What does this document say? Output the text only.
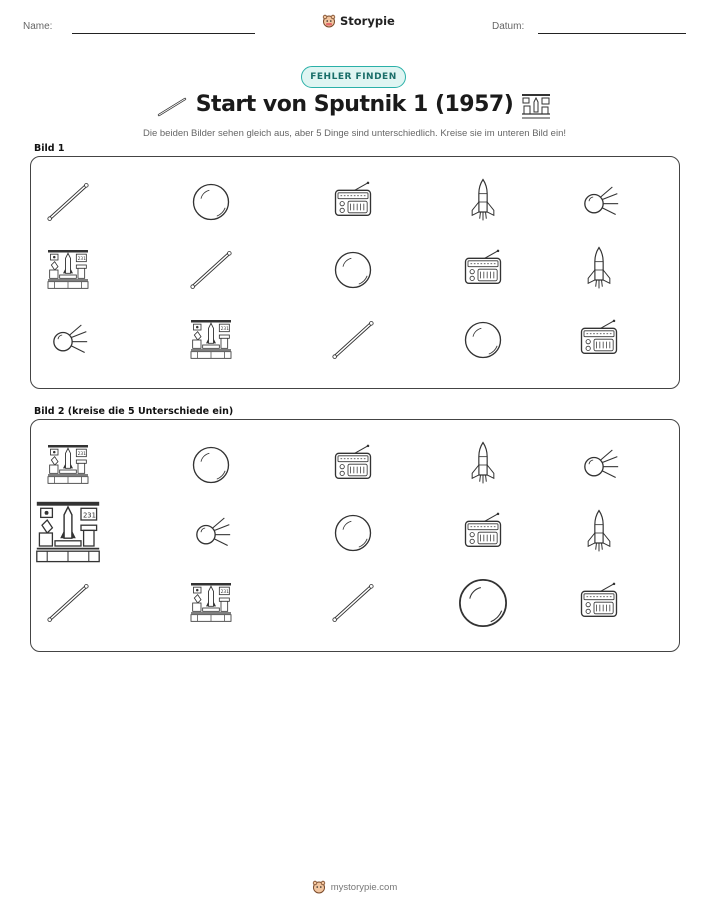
Name:	Storypie	Datum:
FEHLER FINDEN
Start von Sputnik 1 (1957)
Die beiden Bilder sehen gleich aus, aber 5 Dinge sind unterschiedlich. Kreise sie im unteren Bild ein!
Bild 1
231
231
Bild 2 (kreise die 5 Unterschiede ein)
231
231
231
mystorypie.com
